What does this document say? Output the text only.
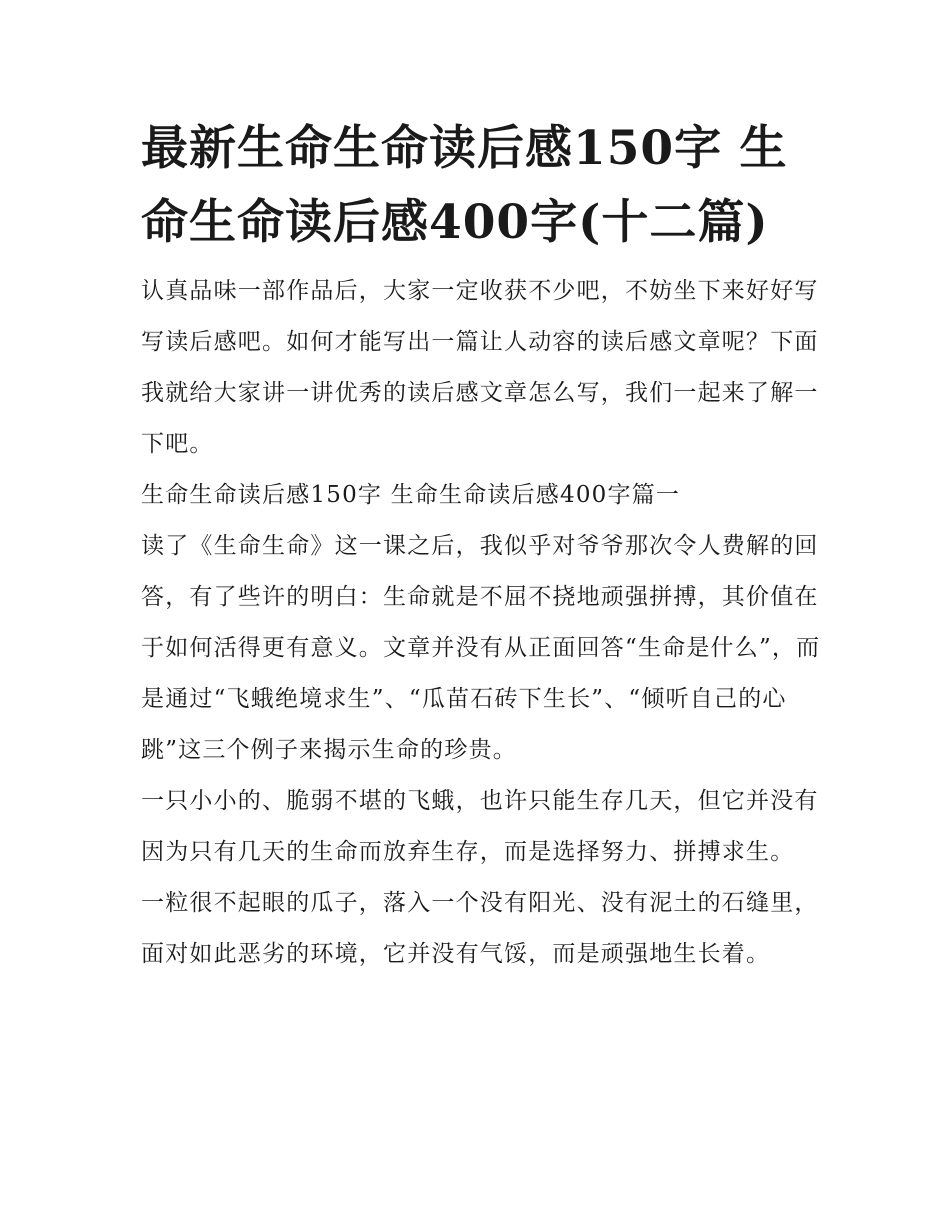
最新生命生命读后感150字 生命生命读后感400字(十二篇)

认真品味一部作品后，大家一定收获不少吧，不妨坐下来好好写写读后感吧。如何才能写出一篇让人动容的读后感文章呢？下面我就给大家讲一讲优秀的读后感文章怎么写，我们一起来了解一下吧。

生命生命读后感150字 生命生命读后感400字篇一

读了《生命生命》这一课之后，我似乎对爷爷那次令人费解的回答，有了些许的明白：生命就是不屈不挠地顽强拼搏，其价值在于如何活得更有意义。文章并没有从正面回答“生命是什么”，而是通过“飞蛾绝境求生”、“瓜苗石砖下生长”、“倾听自己的心跳”这三个例子来揭示生命的珍贵。

一只小小的、脆弱不堪的飞蛾，也许只能生存几天，但它并没有因为只有几天的生命而放弃生存，而是选择努力、拼搏求生。

一粒很不起眼的瓜子，落入一个没有阳光、没有泥土的石缝里，面对如此恶劣的环境，它并没有气馁，而是顽强地生长着。
